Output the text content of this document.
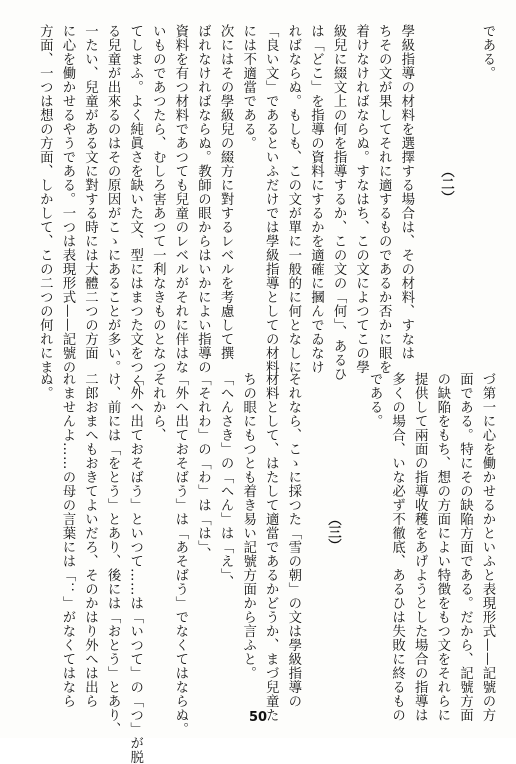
である。

（二）

學級指導の材料を選擇する場合は、その材料、すなは

ちその文が果してそれに適するものであるか否かに眼を

着けなければならぬ。すなはち、この文によつてこの學

級兒に綴文上の何を指導するか、この文の「何」、あるひ

は「どこ」を指導の資料にするかを適確に摑んでゐなけ

ればならぬ。もしも、この文が單に一般的に何となしに

「良い文」であるといふだけでは學級指導としての材料

には不適當である。

次にはその學級兒の綴方に對するレベルを考慮して撰

ばれなければならぬ。教師の眼からはいかによい指導の

資料を有つ材料であつても兒童のレベルがそれに伴はな

いものであつたら、むしろ害あつて一利なきものとなつ

てしまふ。よく純眞さを缺いた文、型にはまつた文をつく

る兒童が出來るのはその原因がこゝにあることが多い。

一たい、兒童がある文に對する時には大體二つの方面

に心を働かせるやうである。一つは表現形式——記號の

方面、一つは想の方面、しかして、この二つの何れにま

づ第一に心を働かせるかといふと表現形式——記號の方

面である。特にその缺陥方面である。だから、記號方面

の缺陥をもち、想の方面によい特徴をもつ文をそれらに

提供して兩面の指導收穫をあげようとした場合の指導は

多くの場合、いな必ず不徹底、あるひは失敗に終るもの

である。

（三）

それなら、こゝに採つた「雪の朝」の文は學級指導の

材料として、はたして適當であるかどうか、まづ兒童た

ちの眼にもつとも着き易い記號方面から言ふと。

「へんさき」の「へん」は「え」、

「それわ」の「わ」は「は」、

「外へ出ておそばう」は「あそばう」でなくてはならぬ。

それから、

「外へ出ておそばう」といつて……は「いつて」の「つ」が脱

け、前には「をとう」とあり、後には「おとう」とあり、

二郎おまへもおきてよいだろ、そのかはり外へは出ら

れませんよ……の母の言葉には「：」がなくてはなら

ぬ。

50
